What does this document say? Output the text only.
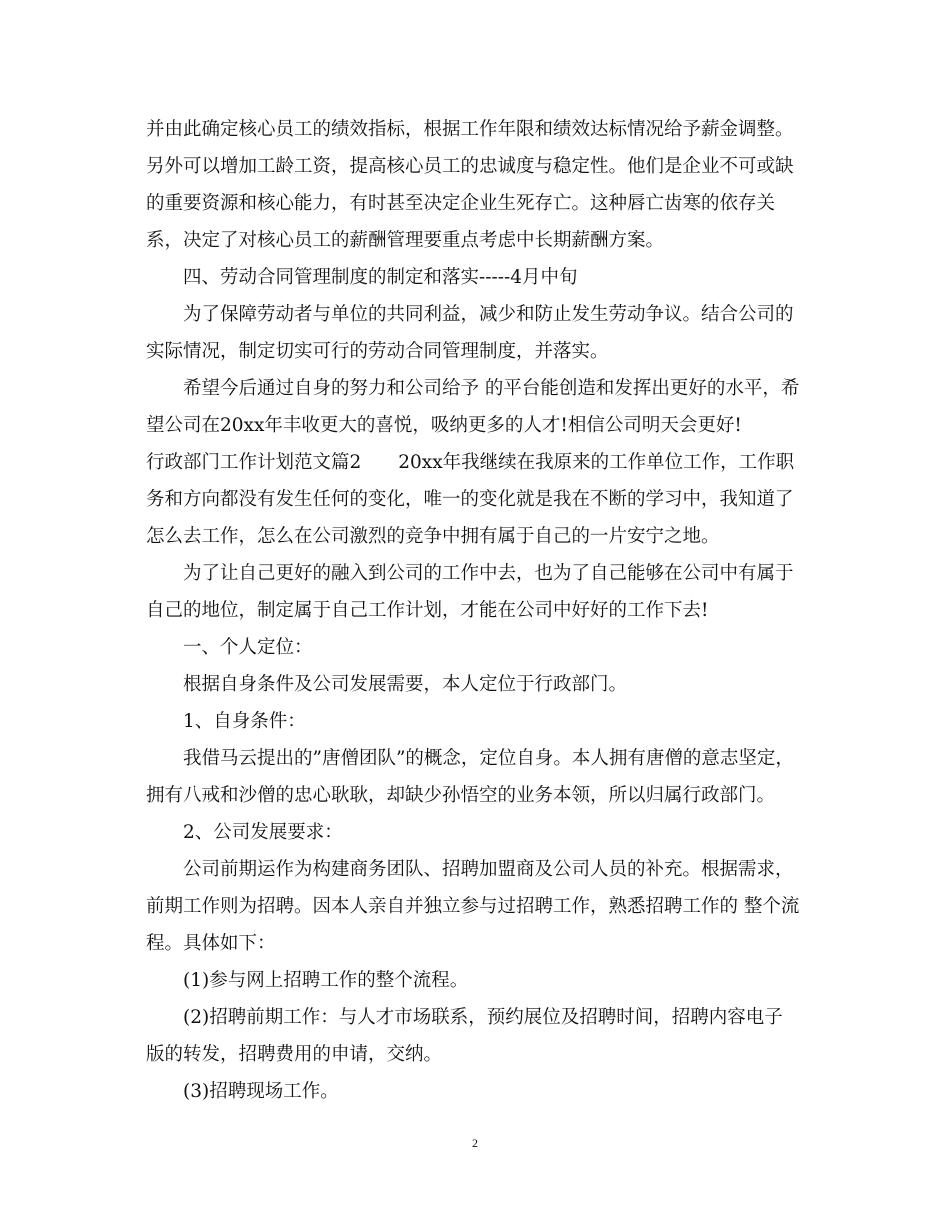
并由此确定核心员工的绩效指标，根据工作年限和绩效达标情况给予薪金调整。
另外可以增加工龄工资，提高核心员工的忠诚度与稳定性。他们是企业不可或缺
的重要资源和核心能力，有时甚至决定企业生死存亡。这种唇亡齿寒的依存关
系，决定了对核心员工的薪酬管理要重点考虑中长期薪酬方案。
四、劳动合同管理制度的制定和落实-----4月中旬
为了保障劳动者与单位的共同利益，减少和防止发生劳动争议。结合公司的
实际情况，制定切实可行的劳动合同管理制度，并落实。
希望今后通过自身的努力和公司给予 的平台能创造和发挥出更好的水平，希
望公司在20xx年丰收更大的喜悦，吸纳更多的人才!相信公司明天会更好!
行政部门工作计划范文篇2　　20xx年我继续在我原来的工作单位工作，工作职
务和方向都没有发生任何的变化，唯一的变化就是我在不断的学习中，我知道了
怎么去工作，怎么在公司激烈的竞争中拥有属于自己的一片安宁之地。
为了让自己更好的融入到公司的工作中去，也为了自己能够在公司中有属于
自己的地位，制定属于自己工作计划，才能在公司中好好的工作下去!
一、个人定位：
根据自身条件及公司发展需要，本人定位于行政部门。
1、自身条件：
我借马云提出的”唐僧团队”的概念，定位自身。本人拥有唐僧的意志坚定，
拥有八戒和沙僧的忠心耿耿，却缺少孙悟空的业务本领，所以归属行政部门。
2、公司发展要求：
公司前期运作为构建商务团队、招聘加盟商及公司人员的补充。根据需求，
前期工作则为招聘。因本人亲自并独立参与过招聘工作，熟悉招聘工作的 整个流
程。具体如下：
(1)参与网上招聘工作的整个流程。
(2)招聘前期工作：与人才市场联系，预约展位及招聘时间，招聘内容电子
版的转发，招聘费用的申请，交纳。
(3)招聘现场工作。
2
